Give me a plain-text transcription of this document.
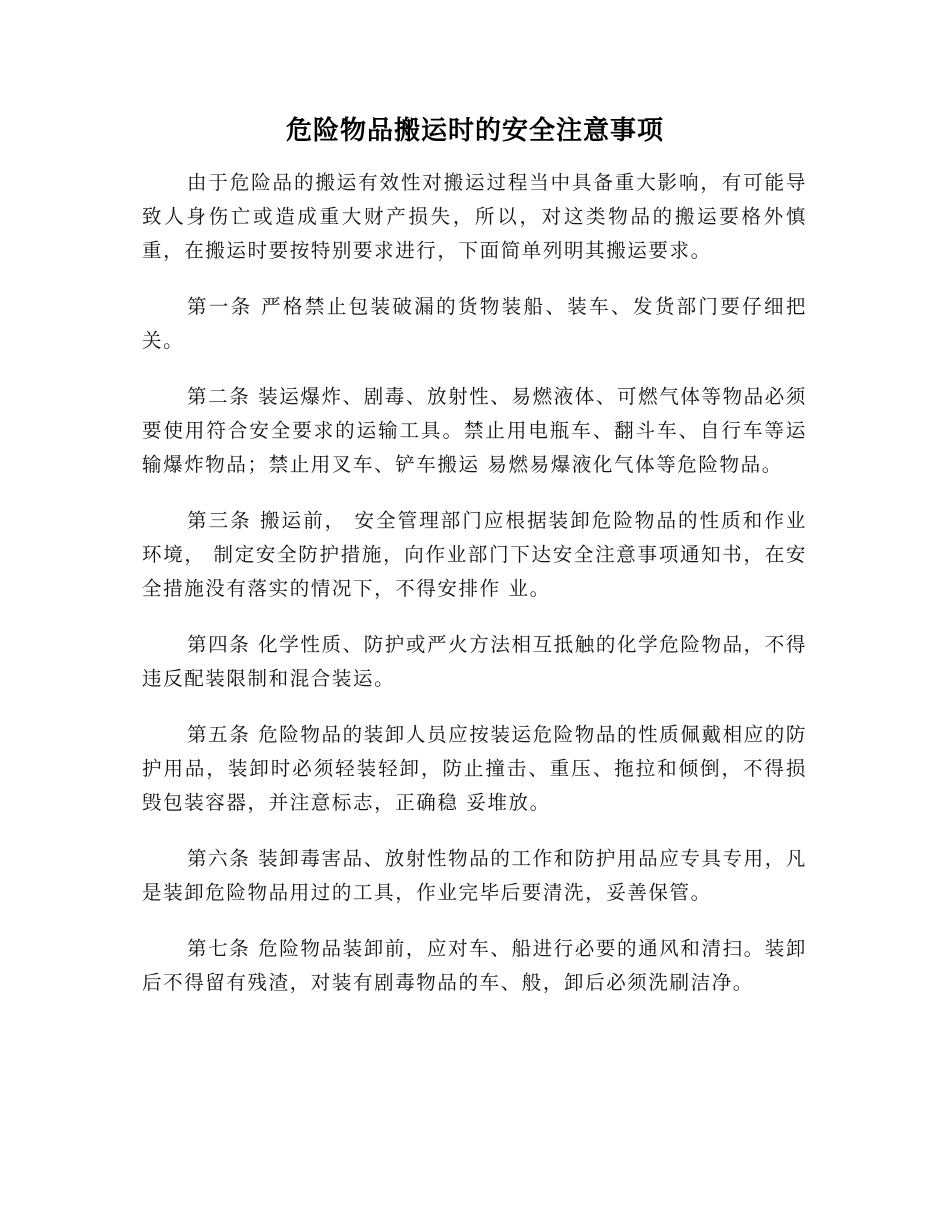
危险物品搬运时的安全注意事项

由于危险品的搬运有效性对搬运过程当中具备重大影响，有可能导致人身伤亡或造成重大财产损失，所以，对这类物品的搬运要格外慎重，在搬运时要按特别要求进行，下面简单列明其搬运要求。

第一条 严格禁止包装破漏的货物装船、装车、发货部门要仔细把关。

第二条 装运爆炸、剧毒、放射性、易燃液体、可燃气体等物品必须要使用符合安全要求的运输工具。禁止用电瓶车、翻斗车、自行车等运输爆炸物品；禁止用叉车、铲车搬运 易燃易爆液化气体等危险物品。

第三条 搬运前， 安全管理部门应根据装卸危险物品的性质和作业环境， 制定安全防护措施，向作业部门下达安全注意事项通知书，在安全措施没有落实的情况下，不得安排作 业。

第四条 化学性质、防护或严火方法相互抵触的化学危险物品，不得违反配装限制和混合装运。

第五条 危险物品的装卸人员应按装运危险物品的性质佩戴相应的防护用品，装卸时必须轻装轻卸，防止撞击、重压、拖拉和倾倒，不得损毁包装容器，并注意标志，正确稳 妥堆放。

第六条 装卸毒害品、放射性物品的工作和防护用品应专具专用，凡是装卸危险物品用过的工具，作业完毕后要清洗，妥善保管。

第七条 危险物品装卸前，应对车、船进行必要的通风和清扫。装卸后不得留有残渣，对装有剧毒物品的车、般，卸后必须洗刷洁净。
